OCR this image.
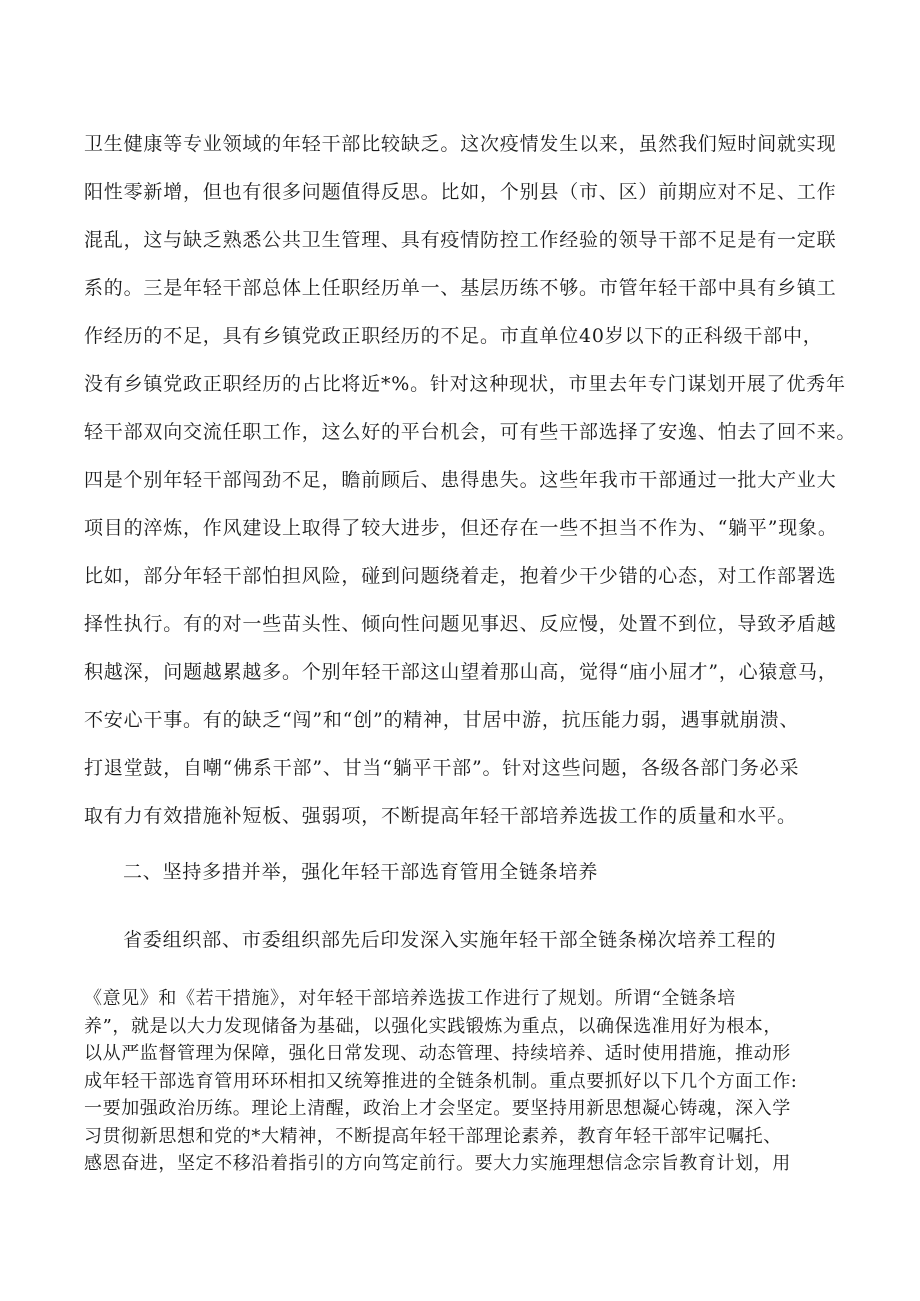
卫生健康等专业领域的年轻干部比较缺乏。这次疫情发生以来，虽然我们短时间就实现
阳性零新增，但也有很多问题值得反思。比如，个别县（市、区）前期应对不足、工作
混乱，这与缺乏熟悉公共卫生管理、具有疫情防控工作经验的领导干部不足是有一定联
系的。三是年轻干部总体上任职经历单一、基层历练不够。市管年轻干部中具有乡镇工
作经历的不足，具有乡镇党政正职经历的不足。市直单位40岁以下的正科级干部中，
没有乡镇党政正职经历的占比将近*%。针对这种现状，市里去年专门谋划开展了优秀年
轻干部双向交流任职工作，这么好的平台机会，可有些干部选择了安逸、怕去了回不来。
四是个别年轻干部闯劲不足，瞻前顾后、患得患失。这些年我市干部通过一批大产业大
项目的淬炼，作风建设上取得了较大进步，但还存在一些不担当不作为、“躺平”现象。
比如，部分年轻干部怕担风险，碰到问题绕着走，抱着少干少错的心态，对工作部署选
择性执行。有的对一些苗头性、倾向性问题见事迟、反应慢，处置不到位，导致矛盾越
积越深，问题越累越多。个别年轻干部这山望着那山高，觉得“庙小屈才”，心猿意马，
不安心干事。有的缺乏“闯”和“创”的精神，甘居中游，抗压能力弱，遇事就崩溃、
打退堂鼓，自嘲“佛系干部”、甘当“躺平干部”。针对这些问题，各级各部门务必采
取有力有效措施补短板、强弱项，不断提高年轻干部培养选拔工作的质量和水平。
二、坚持多措并举，强化年轻干部选育管用全链条培养
省委组织部、市委组织部先后印发深入实施年轻干部全链条梯次培养工程的
《意见》和《若干措施》，对年轻干部培养选拔工作进行了规划。所谓“全链条培
养”，就是以大力发现储备为基础，以强化实践锻炼为重点，以确保选准用好为根本，
以从严监督管理为保障，强化日常发现、动态管理、持续培养、适时使用措施，推动形
成年轻干部选育管用环环相扣又统筹推进的全链条机制。重点要抓好以下几个方面工作:
一要加强政治历练。理论上清醒，政治上才会坚定。要坚持用新思想凝心铸魂，深入学
习贯彻新思想和党的*大精神，不断提高年轻干部理论素养，教育年轻干部牢记嘱托、
感恩奋进，坚定不移沿着指引的方向笃定前行。要大力实施理想信念宗旨教育计划，用
